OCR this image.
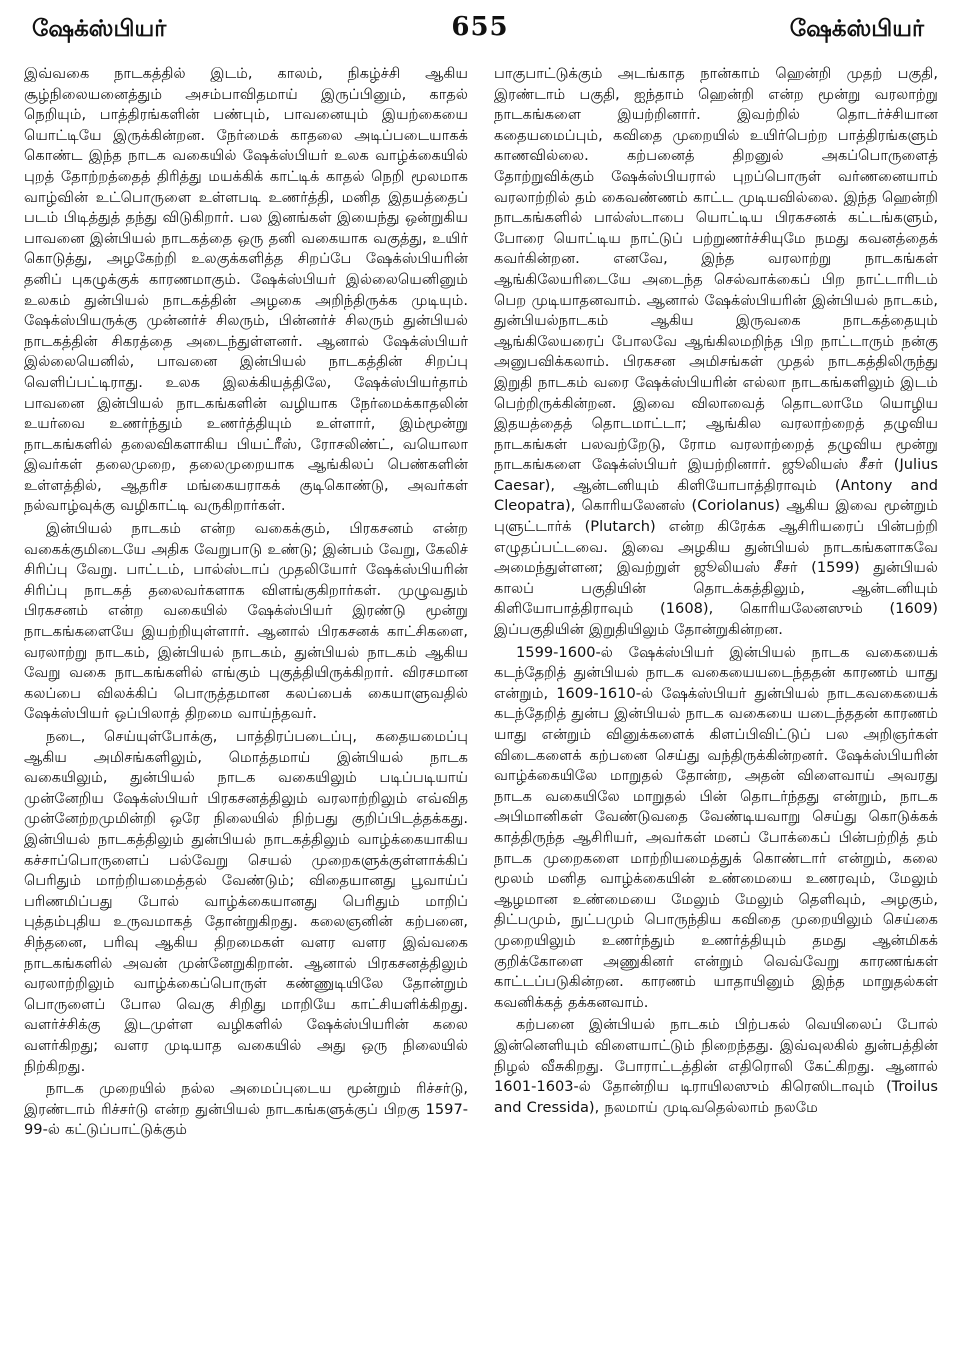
ஷேக்ஸ்பியர்	655	ஷேக்ஸ்பியர்

இவ்வகை நாடகத்தில் இடம், காலம், நிகழ்ச்சி ஆகிய சூழ்நிலையனைத்தும் அசம்பாவிதமாய் இருப்பினும், காதல் நெறியும், பாத்திரங்களின் பண்பும், பாவனையும் இயற்கையை யொட்டியே இருக்கின்றன. நேர்மைக் காதலை அடிப்படையாகக் கொண்ட இந்த நாடக வகையில் ஷேக்ஸ்பியர் உலக வாழ்க்கையில் புறத் தோற்றத்தைத் திரித்து மயக்கிக் காட்டிக் காதல் நெறி மூலமாக வாழ்வின் உட்பொருளை உள்ளபடி உணர்த்தி, மனித இதயத்தைப் படம் பிடித்துத் தந்து விடுகிறார். பல இனங்கள் இயைந்து ஒன்றுகிய பாவனை இன்பியல் நாடகத்தை ஒரு தனி வகையாக வகுத்து, உயிர் கொடுத்து, அழகேற்றி உலகுக்களித்த சிறப்பே ஷேக்ஸ்பியரின் தனிப் புகழுக்குக் காரணமாகும். ஷேக்ஸ்பியர் இல்லையெனினும் உலகம் துன்பியல் நாடகத்தின் அழகை அறிந்திருக்க முடியும். ஷேக்ஸ்பியருக்கு முன்னர்ச் சிலரும், பின்னர்ச் சிலரும் துன்பியல் நாடகத்தின் சிகரத்தை அடைந்துள்ளனர். ஆனால் ஷேக்ஸ்பியர் இல்லையெனில், பாவனை இன்பியல் நாடகத்தின் சிறப்பு வெளிப்பட்டிராது. உலக இலக்கியத்திலே, ஷேக்ஸ்பியர்தாம் பாவனை இன்பியல் நாடகங்களின் வழியாக நேர்மைக்காதலின் உயர்வை உணர்ந்தும் உணர்த்தியும் உள்ளார், இம்மூன்று நாடகங்களில் தலைவிகளாகிய பியட்ரீஸ், ரோசலிண்ட், வயொலா இவர்கள் தலைமுறை, தலைமுறையாக ஆங்கிலப் பெண்களின் உள்ளத்தில், ஆதரிச மங்கையராகக் குடிகொண்டு, அவர்கள் நல்வாழ்வுக்கு வழிகாட்டி வருகிறார்கள்.

இன்பியல் நாடகம் என்ற வகைக்கும், பிரகசனம் என்ற வகைக்குமிடையே அதிக வேறுபாடு உண்டு; இன்பம் வேறு, கேலிச் சிரிப்பு வேறு. பாட்டம், பால்ஸ்டாப் முதலியோர் ஷேக்ஸ்பியரின் சிரிப்பு நாடகத் தலைவர்களாக விளங்குகிறார்கள். முழுவதும் பிரகசனம் என்ற வகையில் ஷேக்ஸ்பியர் இரண்டு மூன்று நாடகங்களையே இயற்றியுள்ளார். ஆனால் பிரகசனக் காட்சிகளை, வரலாற்று நாடகம், இன்பியல் நாடகம், துன்பியல் நாடகம் ஆகிய வேறு வகை நாடகங்களில் எங்கும் புகுத்தியிருக்கிறார். விரசமான கலப்பை விலக்கிப் பொருத்தமான கலப்பைக் கையாளுவதில் ஷேக்ஸ்பியர் ஒப்பிலாத் திறமை வாய்ந்தவர்.

நடை, செய்யுள்போக்கு, பாத்திரப்படைப்பு, கதையமைப்பு ஆகிய அமிசங்களிலும், மொத்தமாய் இன்பியல் நாடக வகையிலும், துன்பியல் நாடக வகையிலும் படிப்படியாய் முன்னேறிய ஷேக்ஸ்பியர் பிரகசனத்திலும் வரலாற்றிலும் எவ்வித முன்னேற்றமுமின்றி ஒரே நிலையில் நிற்பது குறிப்பிடத்தக்கது. இன்பியல் நாடகத்திலும் துன்பியல் நாடகத்திலும் வாழ்க்கையாகிய கச்சாப்பொருளைப் பல்வேறு செயல் முறைகளுக்குள்ளாக்கிப் பெரிதும் மாற்றியமைத்தல் வேண்டும்; விதையானது பூவாய்ப் பரிணமிப்பது போல் வாழ்க்கையானது பெரிதும் மாறிப் புத்தம்புதிய உருவமாகத் தோன்றுகிறது. கலைஞனின் கற்பனை, சிந்தனை, பரிவு ஆகிய திறமைகள் வளர வளர இவ்வகை நாடகங்களில் அவன் முன்னேறுகிறான். ஆனால் பிரகசனத்திலும் வரலாற்றிலும் வாழ்க்கைப்பொருள் கண்ணுடியிலே தோன்றும் பொருளைப் போல வெகு சிறிது மாறியே காட்சியளிக்கிறது. வளர்ச்சிக்கு இடமுள்ள வழிகளில் ஷேக்ஸ்பியரின் கலை வளர்கிறது; வளர முடியாத வகையில் அது ஒரு நிலையில் நிற்கிறது.

நாடக முறையில் நல்ல அமைப்புடைய மூன்றும் ரிச்சர்டு, இரண்டாம் ரிச்சர்டு என்ற துன்பியல் நாடகங்களுக்குப் பிறகு 1597-99-ல் கட்டுப்பாட்டுக்கும்

பாகுபாட்டுக்கும் அடங்காத நான்காம் ஹென்றி முதற் பகுதி, இரண்டாம் பகுதி, ஐந்தாம் ஹென்றி என்ற மூன்று வரலாற்று நாடகங்களை இயற்றினார். இவற்றில் தொடர்ச்சியான கதையமைப்பும், கவிதை முறையில் உயிர்பெற்ற பாத்திரங்களும் காணவில்லை. கற்பனைத் திறனுல் அகப்பொருளைத் தோற்றுவிக்கும் ஷேக்ஸ்பியரால் புறப்பொருள் வர்ணனையாம் வரலாற்றில் தம் கைவண்ணம் காட்ட முடியவில்லை. இந்த ஹென்றி நாடகங்களில் பால்ஸ்டாபை யொட்டிய பிரகசனக் கட்டங்களும், போரை யொட்டிய நாட்டுப் பற்றுணர்ச்சியுமே நமது கவனத்தைக் கவர்கின்றன. எனவே, இந்த வரலாற்று நாடகங்கள் ஆங்கிலேயரிடையே அடைந்த செல்வாக்கைப் பிற நாட்டாரிடம் பெற முடியாதனவாம். ஆனால் ஷேக்ஸ்பியரின் இன்பியல் நாடகம், துன்பியல்நாடகம் ஆகிய இருவகை நாடகத்தையும் ஆங்கிலேயரைப் போலவே ஆங்கிலமறிந்த பிற நாட்டாரும் நன்கு அனுபவிக்கலாம். பிரகசன அமிசங்கள் முதல் நாடகத்திலிருந்து இறுதி நாடகம் வரை ஷேக்ஸ்பியரின் எல்லா நாடகங்களிலும் இடம் பெற்றிருக்கின்றன. இவை விலாவைத் தொடலாமே யொழிய இதயத்தைத் தொடமாட்டா; ஆங்கில வரலாற்றைத் தழுவிய நாடகங்கள் பலவற்றேடு, ரோம வரலாற்றைத் தழுவிய மூன்று நாடகங்களை ஷேக்ஸ்பியர் இயற்றினார். ஜூலியஸ் சீசர் (Julius Caesar), ஆன்டனியும் கிளியோபாத்திராவும் (Antony and Cleopatra), கொரியலேனஸ் (Coriolanus) ஆகிய இவை மூன்றும் புளுட்டார்க் (Plutarch) என்ற கிரேக்க ஆசிரியரைப் பின்பற்றி எழுதப்பட்டவை. இவை அழகிய துன்பியல் நாடகங்களாகவே அமைந்துள்ளன; இவற்றுள் ஜூலியஸ் சீசர் (1599) துன்பியல் காலப் பகுதியின் தொடக்கத்திலும், ஆன்டனியும் கிளியோபாத்திராவும் (1608), கொரியலேனஸும் (1609) இப்பகுதியின் இறுதியிலும் தோன்றுகின்றன.

1599-1600-ல் ஷேக்ஸ்பியர் இன்பியல் நாடக வகையைக் கடந்தேறித் துன்பியல் நாடக வகையையடைந்ததன் காரணம் யாது என்றும், 1609-1610-ல் ஷேக்ஸ்பியர் துன்பியல் நாடகவகையைக் கடந்தேறித் துன்ப இன்பியல் நாடக வகையை யடைந்ததன் காரணம் யாது என்றும் வினுக்களைக் கிளப்பிவிட்டுப் பல அறிஞர்கள் விடைகளைக் கற்பனை செய்து வந்திருக்கின்றனர். ஷேக்ஸ்பியரின் வாழ்க்கையிலே மாறுதல் தோன்ற, அதன் விளைவாய் அவரது நாடக வகையிலே மாறுதல் பின் தொடர்ந்தது என்றும், நாடக அபிமானிகள் வேண்டுவதை வேண்டியவாறு செய்து கொடுக்கக் காத்திருந்த ஆசிரியர், அவர்கள் மனப் போக்கைப் பின்பற்றித் தம் நாடக முறைகளை மாற்றியமைத்துக் கொண்டார் என்றும், கலை மூலம் மனித வாழ்க்கையின் உண்மையை உணரவும், மேலும் ஆழமான உண்மையை மேலும் மேலும் தெளிவும், அழகும், திட்பமும், நுட்பமும் பொருந்திய கவிதை முறையிலும் செய்கை முறையிலும் உணர்ந்தும் உணர்த்தியும் தமது ஆன்மிகக் குறிக்கோளை அணுகினர் என்றும் வெவ்வேறு காரணங்கள் காட்டப்படுகின்றன. காரணம் யாதாயினும் இந்த மாறுதல்கள் கவனிக்கத் தக்கனவாம்.

கற்பனை இன்பியல் நாடகம் பிற்பகல் வெயிலைப் போல் இன்னெளியும் விளையாட்டும் நிறைந்தது. இவ்வுலகில் துன்பத்தின் நிழல் வீசுகிறது. போராட்டத்தின் எதிரொலி கேட்கிறது. ஆனால் 1601-1603-ல் தோன்றிய டிராயிலஸும் கிரெஸிடாவும் (Troilus and Cressida), நலமாய் முடிவதெல்லாம் நலமே
